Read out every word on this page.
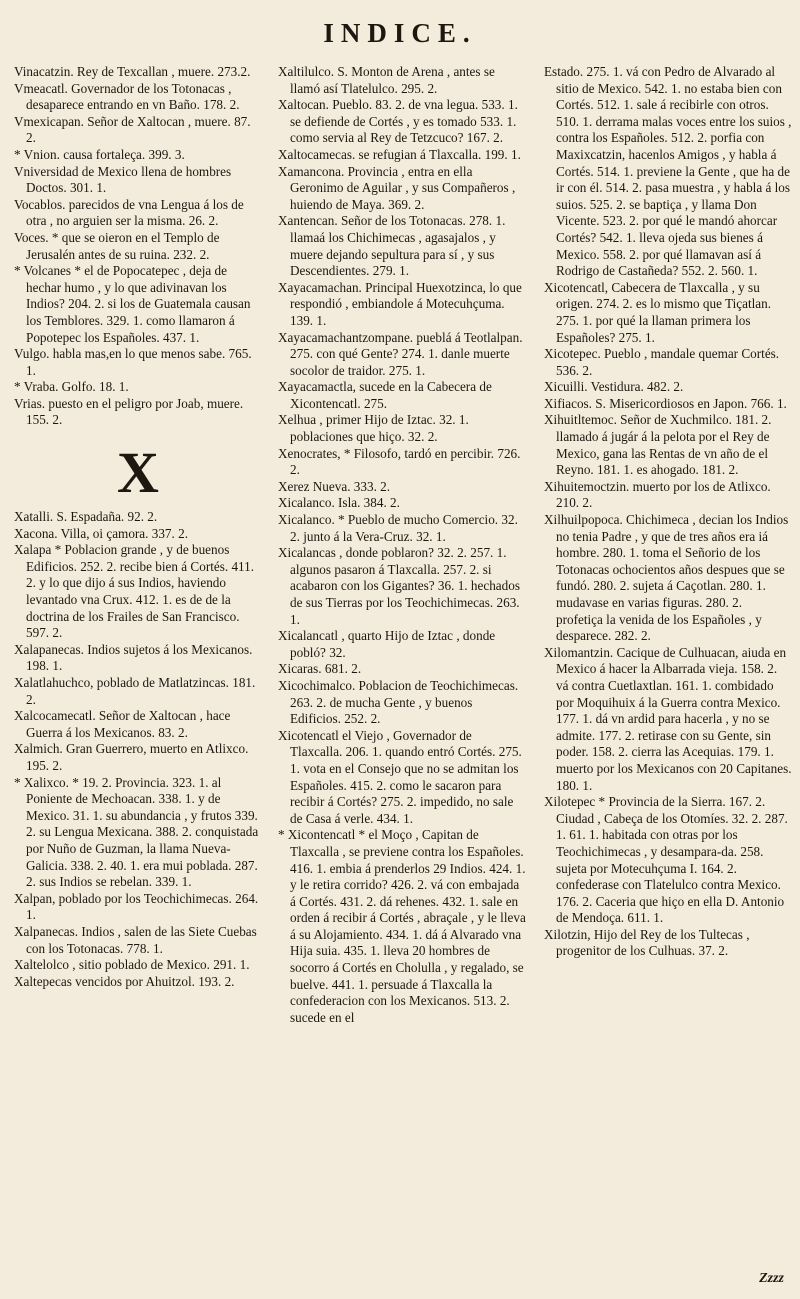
INDICE.
Vinacatzin. Rey de Texcallan , muere. 273.2.
Vmeacatl. Governador de los Totonacas , desaparece entrando en vn Baño. 178. 2.
Vmexicapan. Señor de Xaltocan , muere. 87. 2.
* Vnion. causa fortaleça. 399. 3.
Vniversidad de Mexico llena de hombres Doctos. 301. 1.
Vocablos. parecidos de vna Lengua á los de otra , no arguien ser la misma. 26. 2.
Voces. * que se oieron en el Templo de Jerusalén antes de su ruina. 232. 2.
* Volcanes * el de Popocatepec , deja de hechar humo , y lo que adivinavan los Indios? 204. 2. si los de Guatemala causan los Temblores. 329. 1. como llamaron á Popotepec los Españoles. 437. 1.
Vulgo. habla mas,en lo que menos sabe. 765. 1.
* Vraba. Golfo. 18. 1.
Vrias. puesto en el peligro por Joab, muere. 155. 2.
X
Xatalli. S. Espadaña. 92. 2.
Xacona. Villa, oi çamora. 337. 2.
Xalapa * Poblacion grande , y de buenos Edificios. 252. 2. recibe bien á Cortés. 411. 2. y lo que dijo á sus Indios, haviendo levantado vna Crux. 412. 1. es de de la doctrina de los Frailes de San Francisco. 597. 2.
Xalapanecas. Indios sujetos á los Mexicanos. 198. 1.
Xalatlahuchco, poblado de Matlatzincas. 181. 2.
Xalcocamecatl. Señor de Xaltocan , hace Guerra á los Mexicanos. 83. 2.
Xalmich. Gran Guerrero, muerto en Atlixco. 195. 2.
* Xalixco. * 19. 2. Provincia. 323. 1. al Poniente de Mechoacan. 338. 1. y de Mexico. 31. 1. su abundancia , y frutos 339. 2. su Lengua Mexicana. 388. 2. conquistada por Nuño de Guzman, la llama Nueva-Galicia. 338. 2. 40. 1. era mui poblada. 287. 2. sus Indios se rebelan. 339. 1.
Xalpan, poblado por los Teochichimecas. 264. 1.
Xalpanecas. Indios , salen de las Siete Cuebas con los Totonacas. 778. 1.
Xaltelolco , sitio poblado de Mexico. 291. 1.
Xaltepecas vencidos por Ahuitzol. 193. 2.
Xaltilulco. S. Monton de Arena , antes se llamó así Tlatelulco. 295. 2.
Xaltocan. Pueblo. 83. 2. de vna legua. 533. 1. se defiende de Cortés , y es tomado 533. 1. como servia al Rey de Tetzcuco? 167. 2.
Xaltocamecas. se refugian á Tlaxcalla. 199. 1.
Xamancona. Provincia , entra en ella Geronimo de Aguilar , y sus Compañeros , huiendo de Maya. 369. 2.
Xantencan. Señor de los Totonacas. 278. 1. llamaá los Chichimecas , agasajalos , y muere dejando sepultura para sí , y sus Descendientes. 279. 1.
Xayacamachan. Principal Huexotzinca, lo que respondió , embiandole á Motecuhçuma. 139. 1.
Xayacamachantzompane. pueblá á Teotlalpan. 275. con qué Gente? 274. 1. danle muerte socolor de traidor. 275. 1.
Xayacamactla, sucede en la Cabecera de Xicontencatl. 275.
Xelhua , primer Hijo de Iztac. 32. 1. poblaciones que hiço. 32. 2.
Xenocrates, * Filosofo, tardó en percibir. 726. 2.
Xerez Nueva. 333. 2.
Xicalanco. Isla. 384. 2.
Xicalanco. * Pueblo de mucho Comercio. 32. 2. junto á la Vera-Cruz. 32. 1.
Xicalancas , donde poblaron? 32. 2. 257. 1. algunos pasaron á Tlaxcalla. 257. 2. si acabaron con los Gigantes? 36. 1. hechados de sus Tierras por los Teochichimecas. 263. 1.
Xicalancatl , quarto Hijo de Iztac , donde pobló? 32.
Xicaras. 681. 2.
Xicochimalco. Poblacion de Teochichimecas. 263. 2. de mucha Gente , y buenos Edificios. 252. 2.
Xicotencatl el Viejo , Governador de Tlaxcalla. 206. 1. quando entró Cortés. 275. 1. vota en el Consejo que no se admitan los Españoles. 415. 2. como le sacaron para recibir á Cortés? 275. 2. impedido, no sale de Casa á verle. 434. 1.
* Xicontencatl * el Moço , Capitan de Tlaxcalla , se previene contra los Españoles. 416. 1. embia á prenderlos 29 Indios. 424. 1. y le retira corrido? 426. 2. vá con embajada á Cortés. 431. 2. dá rehenes. 432. 1. sale en orden á recibir á Cortés , abraçale , y le lleva á su Alojamiento. 434. 1. dá á Alvarado vna Hija suia. 435. 1. lleva 20 hombres de socorro á Cortés en Cholulla , y regalado, se buelve. 441. 1. persuade á Tlaxcalla la confederacion con los Mexicanos. 513. 2. sucede en el
Estado. 275. 1. vá con Pedro de Alvarado al sitio de Mexico. 542. 1. no estaba bien con Cortés. 512. 1. sale á recibirle con otros. 510. 1. derrama malas voces entre los suios , contra los Españoles. 512. 2. porfia con Maxixcatzin, hacenlos Amigos , y habla á Cortés. 514. 1. previene la Gente , que ha de ir con él. 514. 2. pasa muestra , y habla á los suios. 525. 2. se baptiça , y llama Don Vicente. 523. 2. por qué le mandó ahorcar Cortés? 542. 1. lleva ojeda sus bienes á Mexico. 558. 2. por qué llamavan así á Rodrigo de Castañeda? 552. 2. 560. 1.
Xicotencatl, Cabecera de Tlaxcalla , y su origen. 274. 2. es lo mismo que Tiçatlan. 275. 1. por qué la llaman primera los Españoles? 275. 1.
Xicotepec. Pueblo , mandale quemar Cortés. 536. 2.
Xicuilli. Vestidura. 482. 2.
Xifiacos. S. Misericordiosos en Japon. 766. 1.
Xihuitltemoc. Señor de Xuchmilco. 181. 2. llamado á jugár á la pelota por el Rey de Mexico, gana las Rentas de vn año de el Reyno. 181. 1. es ahogado. 181. 2.
Xihuitemoctzin. muerto por los de Atlixco. 210. 2.
Xilhuilpopoca. Chichimeca , decian los Indios no tenia Padre , y que de tres años era iá hombre. 280. 1. toma el Señorio de los Totonacas ochocientos años despues que se fundó. 280. 2. sujeta á Caçotlan. 280. 1. mudavase en varias figuras. 280. 2. profetiça la venida de los Españoles , y desparece. 282. 2.
Xilomantzin. Cacique de Culhuacan, aiuda en Mexico á hacer la Albarrada vieja. 158. 2. vá contra Cuetlaxtlan. 161. 1. combidado por Moquihuix á la Guerra contra Mexico. 177. 1. dá vn ardid para hacerla , y no se admite. 177. 2. retirase con su Gente, sin poder. 158. 2. cierra las Acequias. 179. 1. muerto por los Mexicanos con 20 Capitanes. 180. 1.
Xilotepec * Provincia de la Sierra. 167. 2. Ciudad , Cabeça de los Otomíes. 32. 2. 287. 1. 61. 1. habitada con otras por los Teochichimecas , y desampara-da. 258. sujeta por Motecuhçuma I. 164. 2. confederase con Tlatelulco contra Mexico. 176. 2. Caceria que hiço en ella D. Antonio de Mendoça. 611. 1.
Xilotzin, Hijo del Rey de los Tultecas , progenitor de los Culhuas. 37. 2.
Zzzz
